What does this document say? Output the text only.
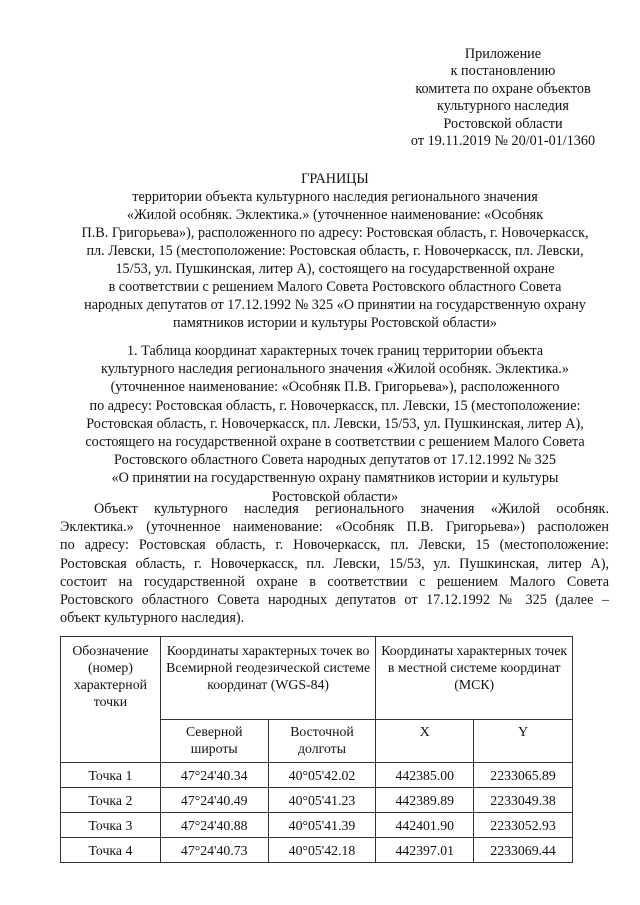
Приложение
к постановлению
комитета по охране объектов
культурного наследия
Ростовской области
от 19.11.2019 № 20/01-01/1360
ГРАНИЦЫ
территории объекта культурного наследия регионального значения
«Жилой особняк. Эклектика.» (уточненное наименование: «Особняк
П.В. Григорьева»), расположенного по адресу: Ростовская область, г. Новочеркасск,
пл. Левски, 15 (местоположение: Ростовская область, г. Новочеркасск, пл. Левски,
15/53, ул. Пушкинская, литер А), состоящего на государственной охране
в соответствии с решением Малого Совета Ростовского областного Совета
народных депутатов от 17.12.1992 № 325 «О принятии на государственную охрану
памятников истории и культуры Ростовской области»
1. Таблица координат характерных точек границ территории объекта
культурного наследия регионального значения «Жилой особняк. Эклектика.»
(уточненное наименование: «Особняк П.В. Григорьева»), расположенного
по адресу: Ростовская область, г. Новочеркасск, пл. Левски, 15 (местоположение:
Ростовская область, г. Новочеркасск, пл. Левски, 15/53, ул. Пушкинская, литер А),
состоящего на государственной охране в соответствии с решением Малого Совета
Ростовского областного Совета народных депутатов от 17.12.1992 № 325
«О принятии на государственную охрану памятников истории и культуры
Ростовской области»
Объект культурного наследия регионального значения «Жилой особняк.
Эклектика.» (уточненное наименование: «Особняк П.В. Григорьева») расположен
по адресу: Ростовская область, г. Новочеркасск, пл. Левски, 15 (местоположение:
Ростовская область, г. Новочеркасск, пл. Левски, 15/53, ул. Пушкинская, литер А),
состоит на государственной охране в соответствии с решением Малого Совета
Ростовского областного Совета народных депутатов от 17.12.1992 № 325 (далее –
объект культурного наследия).
Обозначение (номер) характерной точки	Координаты характерных точек во Всемирной геодезической системе координат (WGS-84)		Координаты характерных точек в местной системе координат (МСК)	
	Северной широты	Восточной долготы	X	Y
Точка 1	47°24'40.34	40°05'42.02	442385.00	2233065.89
Точка 2	47°24'40.49	40°05'41.23	442389.89	2233049.38
Точка 3	47°24'40.88	40°05'41.39	442401.90	2233052.93
Точка 4	47°24'40.73	40°05'42.18	442397.01	2233069.44
